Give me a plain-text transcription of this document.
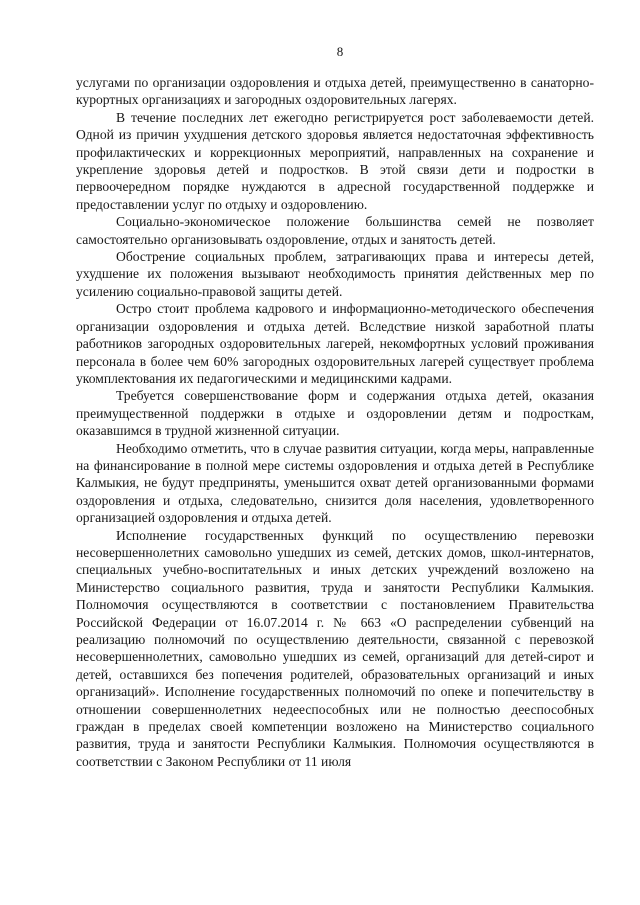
8

услугами по организации оздоровления и отдыха детей, преимущественно в санаторно-курортных организациях и загородных оздоровительных лагерях.

В течение последних лет ежегодно регистрируется рост заболеваемости детей. Одной из причин ухудшения детского здоровья является недостаточная эффективность профилактических и коррекционных мероприятий, направленных на сохранение и укрепление здоровья детей и подростков. В этой связи дети и подростки в первоочередном порядке нуждаются в адресной государственной поддержке и предоставлении услуг по отдыху и оздоровлению.

Социально-экономическое положение большинства семей не позволяет самостоятельно организовывать оздоровление, отдых и занятость детей.

Обострение социальных проблем, затрагивающих права и интересы детей, ухудшение их положения вызывают необходимость принятия действенных мер по усилению социально-правовой защиты детей.

Остро стоит проблема кадрового и информационно-методического обеспечения организации оздоровления и отдыха детей. Вследствие низкой заработной платы работников загородных оздоровительных лагерей, некомфортных условий проживания персонала в более чем 60% загородных оздоровительных лагерей существует проблема укомплектования их педагогическими и медицинскими кадрами.

Требуется совершенствование форм и содержания отдыха детей, оказания преимущественной поддержки в отдыхе и оздоровлении детям и подросткам, оказавшимся в трудной жизненной ситуации.

Необходимо отметить, что в случае развития ситуации, когда меры, направленные на финансирование в полной мере системы оздоровления и отдыха детей в Республике Калмыкия, не будут предприняты, уменьшится охват детей организованными формами оздоровления и отдыха, следовательно, снизится доля населения, удовлетворенного организацией оздоровления и отдыха детей.

Исполнение государственных функций по осуществлению перевозки несовершеннолетних самовольно ушедших из семей, детских домов, школ-интернатов, специальных учебно-воспитательных и иных детских учреждений возложено на Министерство социального развития, труда и занятости Республики Калмыкия. Полномочия осуществляются в соответствии с постановлением Правительства Российской Федерации от 16.07.2014 г. № 663 «О распределении субвенций на реализацию полномочий по осуществлению деятельности, связанной с перевозкой несовершеннолетних, самовольно ушедших из семей, организаций для детей-сирот и детей, оставшихся без попечения родителей, образовательных организаций и иных организаций». Исполнение государственных полномочий по опеке и попечительству в отношении совершеннолетних недееспособных или не полностью дееспособных граждан в пределах своей компетенции возложено на Министерство социального развития, труда и занятости Республики Калмыкия. Полномочия осуществляются в соответствии с Законом Республики от 11 июля
